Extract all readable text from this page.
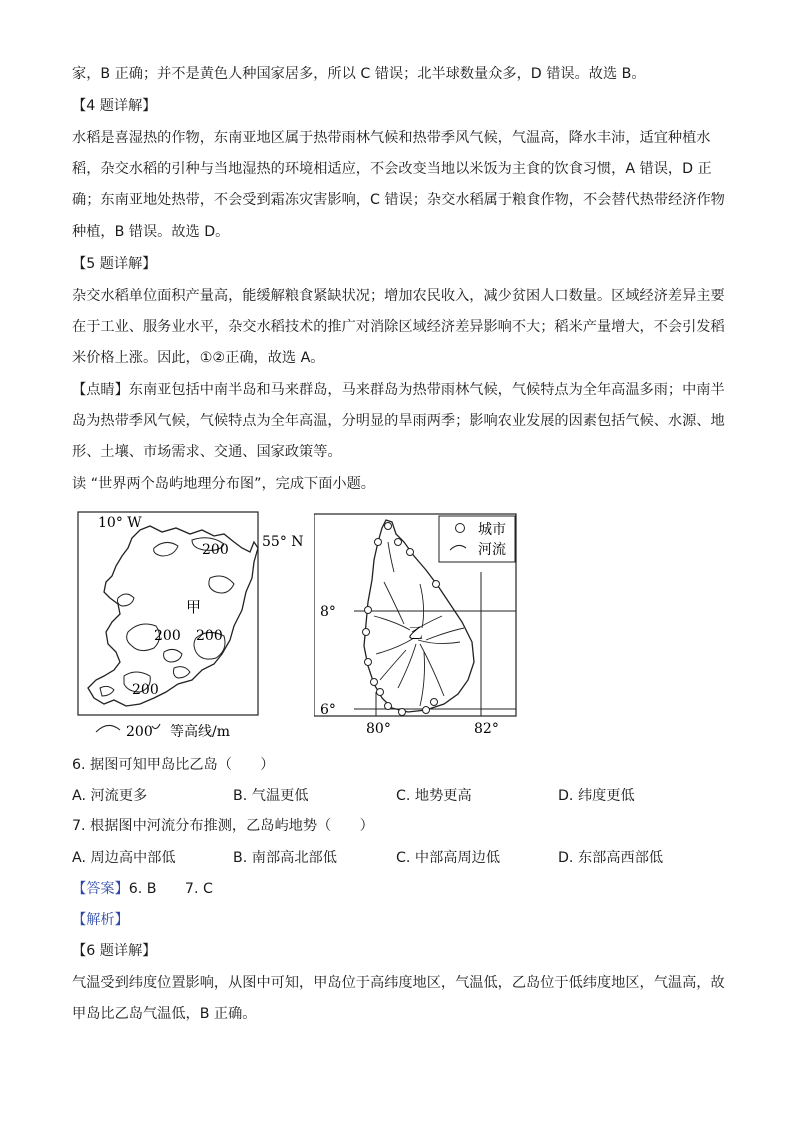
家，B 正确；并不是黄色人种国家居多，所以 C 错误；北半球数量众多，D 错误。故选 B。
【4 题详解】
水稻是喜湿热的作物，东南亚地区属于热带雨林气候和热带季风气候，气温高，降水丰沛，适宜种植水
稻，杂交水稻的引种与当地湿热的环境相适应，不会改变当地以米饭为主食的饮食习惯，A 错误，D 正
确；东南亚地处热带，不会受到霜冻灾害影响，C 错误；杂交水稻属于粮食作物，不会替代热带经济作物
种植，B 错误。故选 D。
【5 题详解】
杂交水稻单位面积产量高，能缓解粮食紧缺状况；增加农民收入，减少贫困人口数量。区域经济差异主要
在于工业、服务业水平，杂交水稻技术的推广对消除区域经济差异影响不大；稻米产量增大，不会引发稻
米价格上涨。因此，①②正确，故选 A。
【点睛】东南亚包括中南半岛和马来群岛，马来群岛为热带雨林气候，气候特点为全年高温多雨；中南半
岛为热带季风气候，气候特点为全年高温，分明显的旱雨两季；影响农业发展的因素包括气候、水源、地
形、土壤、市场需求、交通、国家政策等。
读 “世界两个岛屿地理分布图”，完成下面小题。
10° W
55° N
甲
200
200 200
200
200 等高线/m
城市
河流
乙
8°
6°
80°	82°
6. 据图可知甲岛比乙岛（　　）
A. 河流更多	B. 气温更低	C. 地势更高	D. 纬度更低
7. 根据图中河流分布推测，乙岛屿地势（　　）
A. 周边高中部低	B. 南部高北部低	C. 中部高周边低	D. 东部高西部低
【答案】6. B　　7. C
【解析】
【6 题详解】
气温受到纬度位置影响，从图中可知，甲岛位于高纬度地区，气温低，乙岛位于低纬度地区，气温高，故
甲岛比乙岛气温低，B 正确。
